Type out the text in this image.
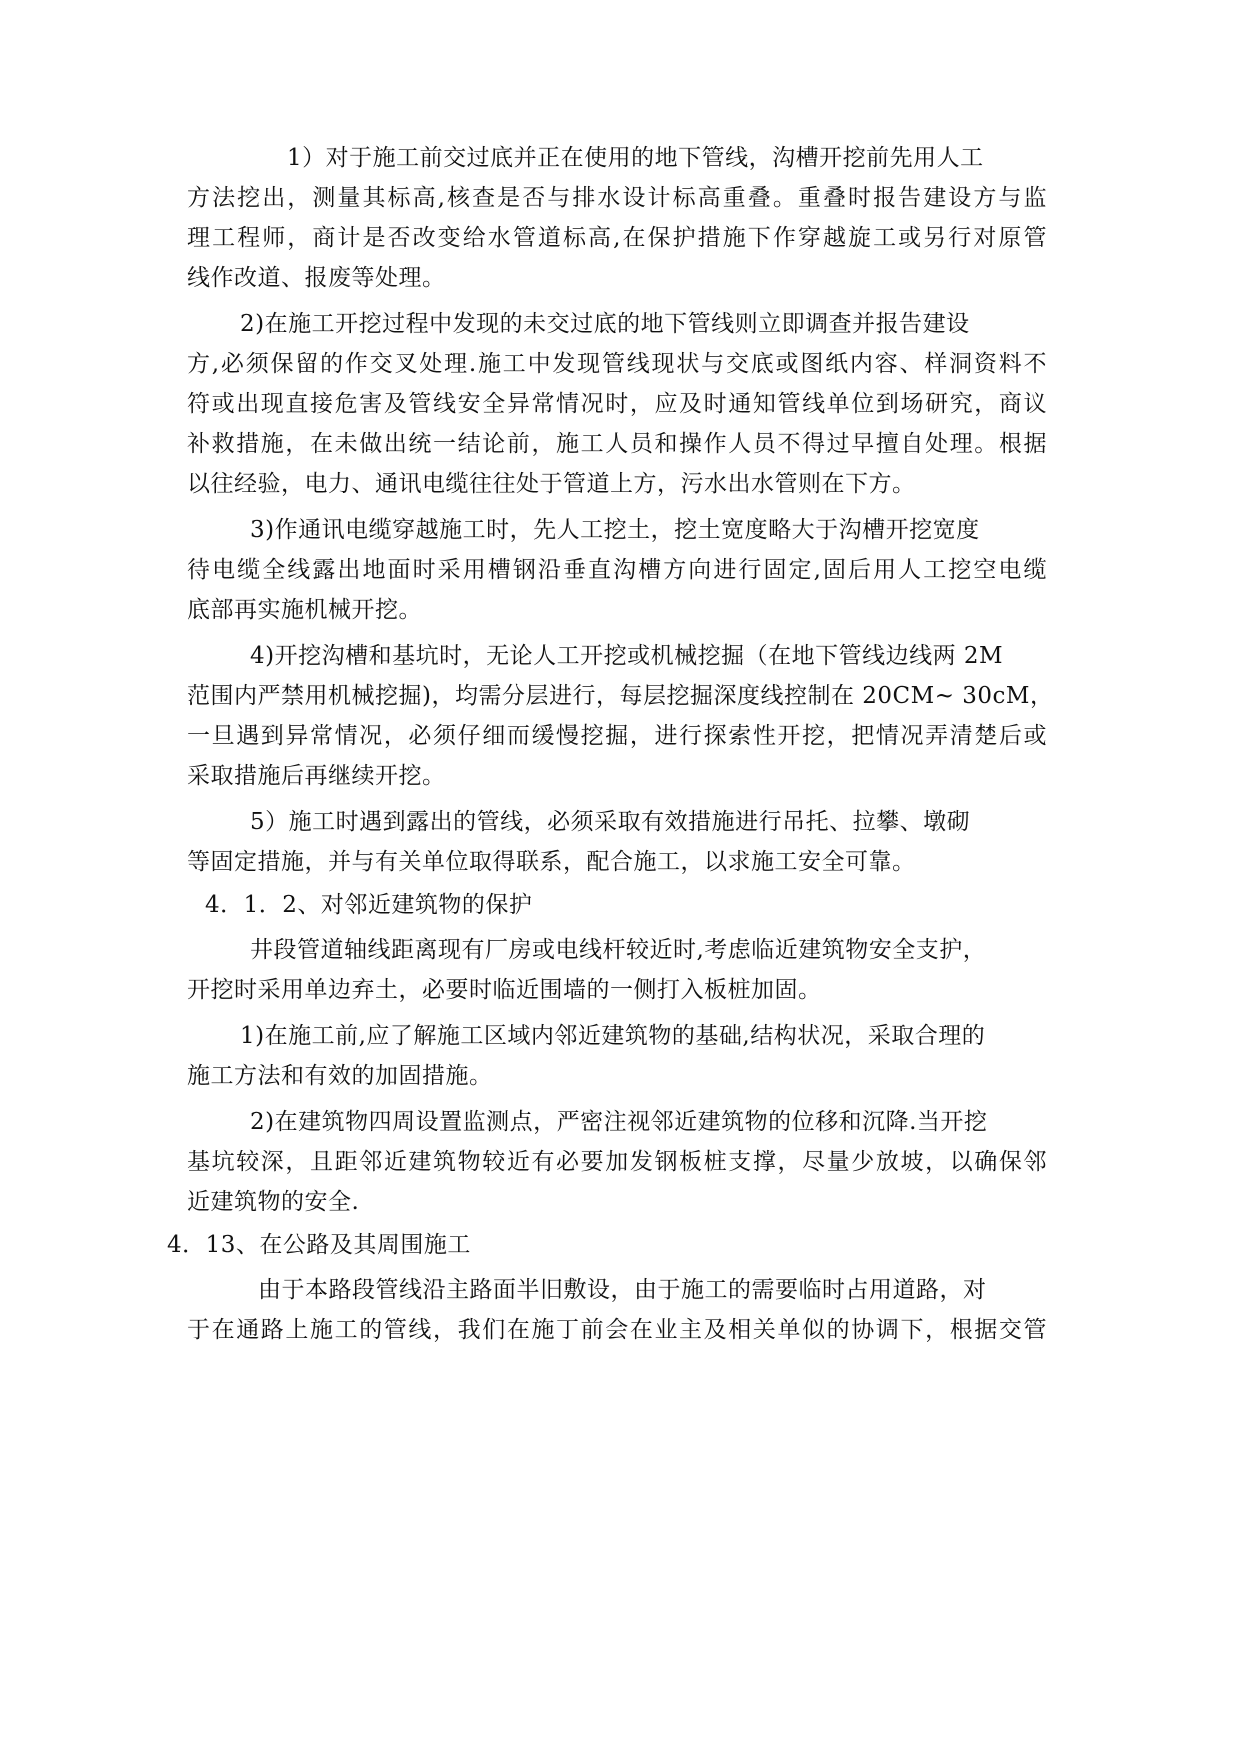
1）对于施工前交过底并正在使用的地下管线，沟槽开挖前先用人工
方法挖出，测量其标高,核查是否与排水设计标高重叠。重叠时报告建设方与监
理工程师，商计是否改变给水管道标高,在保护措施下作穿越旋工或另行对原管
线作改道、报废等处理。
2)在施工开挖过程中发现的未交过底的地下管线则立即调查并报告建设
方,必须保留的作交叉处理.施工中发现管线现状与交底或图纸内容、样洞资料不
符或出现直接危害及管线安全异常情况时，应及时通知管线单位到场研究，商议
补救措施，在未做出统一结论前，施工人员和操作人员不得过早擅自处理。根据
以往经验，电力、通讯电缆往往处于管道上方，污水出水管则在下方。
3)作通讯电缆穿越施工时，先人工挖土，挖土宽度略大于沟槽开挖宽度
待电缆全线露出地面时采用槽钢沿垂直沟槽方向进行固定,固后用人工挖空电缆
底部再实施机械开挖。
4)开挖沟槽和基坑时，无论人工开挖或机械挖掘（在地下管线边线两 2M
范围内严禁用机械挖掘)，均需分层进行，每层挖掘深度线控制在 20CM~ 30cM，
一旦遇到异常情况，必须仔细而缓慢挖掘，进行探索性开挖，把情况弄清楚后或
采取措施后再继续开挖。
5）施工时遇到露出的管线，必须采取有效措施进行吊托、拉攀、墩砌
等固定措施，并与有关单位取得联系，配合施工，以求施工安全可靠。
4．1．2、对邻近建筑物的保护
井段管道轴线距离现有厂房或电线杆较近时,考虑临近建筑物安全支护，
开挖时采用单边弃土，必要时临近围墙的一侧打入板桩加固。
1)在施工前,应了解施工区域内邻近建筑物的基础,结构状况，采取合理的
施工方法和有效的加固措施。
2)在建筑物四周设置监测点，严密注视邻近建筑物的位移和沉降.当开挖
基坑较深，且距邻近建筑物较近有必要加发钢板桩支撑，尽量少放坡，以确保邻
近建筑物的安全.
4．13、在公路及其周围施工
由于本路段管线沿主路面半旧敷设，由于施工的需要临时占用道路，对
于在通路上施工的管线，我们在施丁前会在业主及相关单似的协调下，根据交管
